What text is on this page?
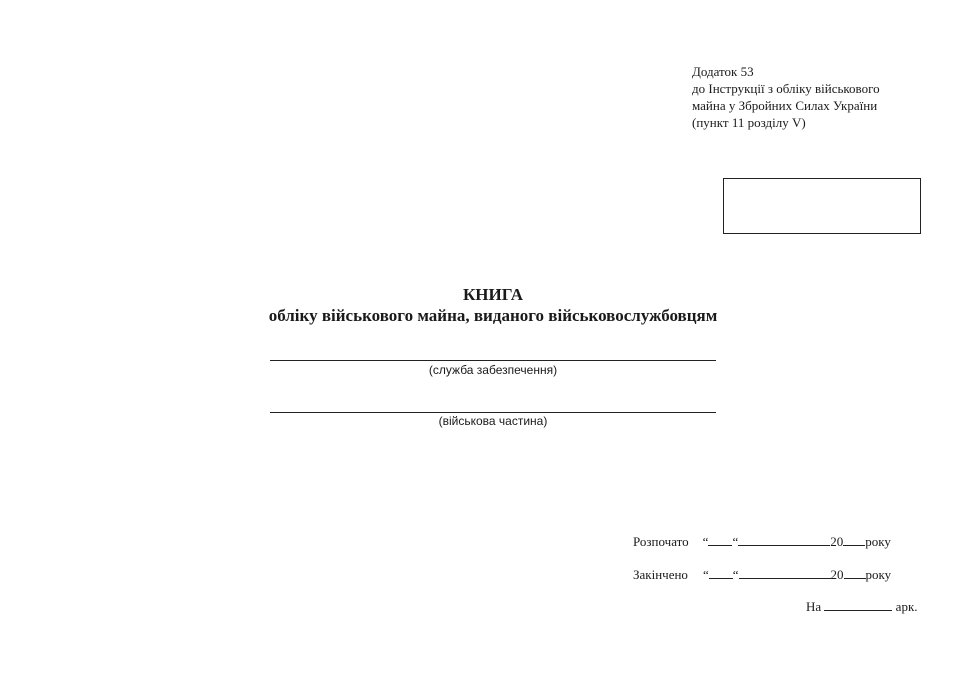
Додаток 53
до Інструкції з обліку військового
майна у Збройних Силах України
(пункт 11 розділу V)
КНИГА
обліку військового майна, виданого військовослужбовцям
(служба забезпечення)
(військова частина)
Розпочато “ “	20 року
Закінчено “ “	20 року
На	арк.
